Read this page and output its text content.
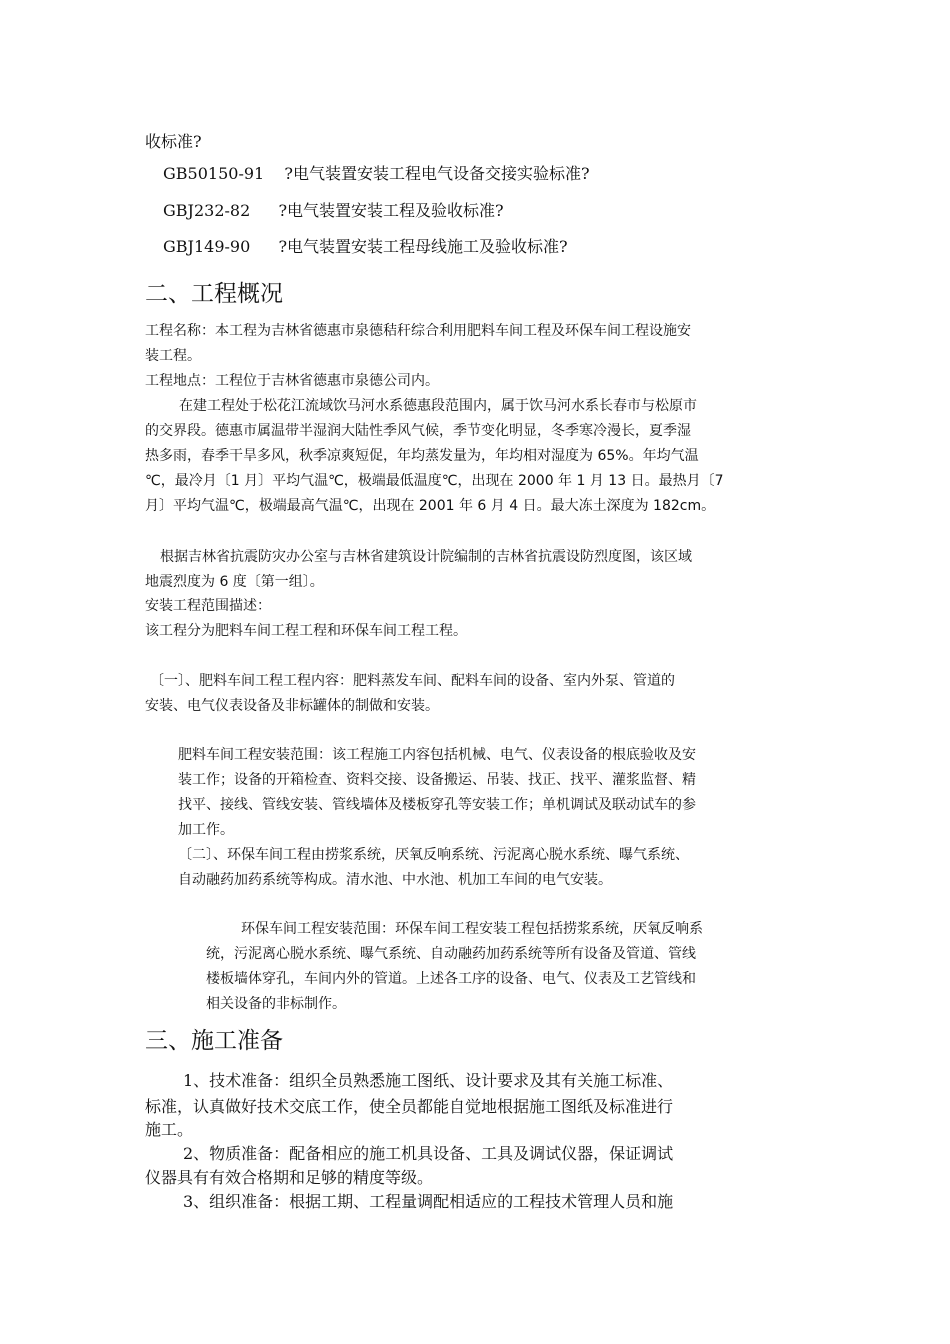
收标准?
GB50150-91 ?电气装置安装工程电气设备交接实验标准?
GBJ232-82 ?电气装置安装工程及验收标准?
GBJ149-90 ?电气装置安装工程母线施工及验收标准?
二、工程概况
工程名称：本工程为吉林省德惠市泉德秸秆综合利用肥料车间工程及环保车间工程设施安
装工程。
工程地点：工程位于吉林省德惠市泉德公司内。
在建工程处于松花江流域饮马河水系德惠段范围内，属于饮马河水系长春市与松原市
的交界段。德惠市属温带半湿润大陆性季风气候，季节变化明显，冬季寒冷漫长，夏季湿
热多雨，春季干旱多风，秋季凉爽短促，年均蒸发量为，年均相对湿度为 65%。年均气温
℃，最冷月〔1 月〕平均气温℃，极端最低温度℃，出现在 2000 年 1 月 13 日。最热月〔7
月〕平均气温℃，极端最高气温℃，出现在 2001 年 6 月 4 日。最大冻土深度为 182cm。
根据吉林省抗震防灾办公室与吉林省建筑设计院编制的吉林省抗震设防烈度图，该区域
地震烈度为 6 度〔第一组〕。
安装工程范围描述：
该工程分为肥料车间工程工程和环保车间工程工程。
〔一〕、肥料车间工程工程内容：肥料蒸发车间、配料车间的设备、室内外泵、管道的
安装、电气仪表设备及非标罐体的制做和安装。
肥料车间工程安装范围：该工程施工内容包括机械、电气、仪表设备的根底验收及安
装工作；设备的开箱检查、资料交接、设备搬运、吊装、找正、找平、灌浆监督、精
找平、接线、管线安装、管线墙体及楼板穿孔等安装工作；单机调试及联动试车的参
加工作。
〔二〕、环保车间工程由捞浆系统，厌氧反响系统、污泥离心脱水系统、曝气系统、
自动融药加药系统等构成。清水池、中水池、机加工车间的电气安装。
环保车间工程安装范围：环保车间工程安装工程包括捞浆系统，厌氧反响系
统，污泥离心脱水系统、曝气系统、自动融药加药系统等所有设备及管道、管线
楼板墙体穿孔，车间内外的管道。上述各工序的设备、电气、仪表及工艺管线和
相关设备的非标制作。
三、施工准备
1、技术准备：组织全员熟悉施工图纸、设计要求及其有关施工标准、
标准，认真做好技术交底工作，使全员都能自觉地根据施工图纸及标准进行
施工。
2、物质准备：配备相应的施工机具设备、工具及调试仪器，保证调试
仪器具有有效合格期和足够的精度等级。
3、组织准备：根据工期、工程量调配相适应的工程技术管理人员和施
